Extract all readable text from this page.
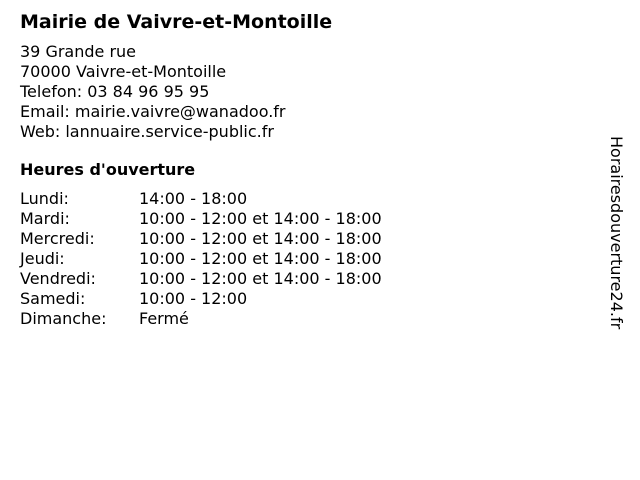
Mairie de Vaivre-et-Montoille
39 Grande rue
70000 Vaivre-et-Montoille
Telefon: 03 84 96 95 95
Email: mairie.vaivre@wanadoo.fr
Web: lannuaire.service-public.fr
Heures d'ouverture
Lundi:	14:00 - 18:00
Mardi:	10:00 - 12:00 et 14:00 - 18:00
Mercredi:	10:00 - 12:00 et 14:00 - 18:00
Jeudi:	10:00 - 12:00 et 14:00 - 18:00
Vendredi:	10:00 - 12:00 et 14:00 - 18:00
Samedi:	10:00 - 12:00
Dimanche:	Fermé	Horairesdouverture24.fr
